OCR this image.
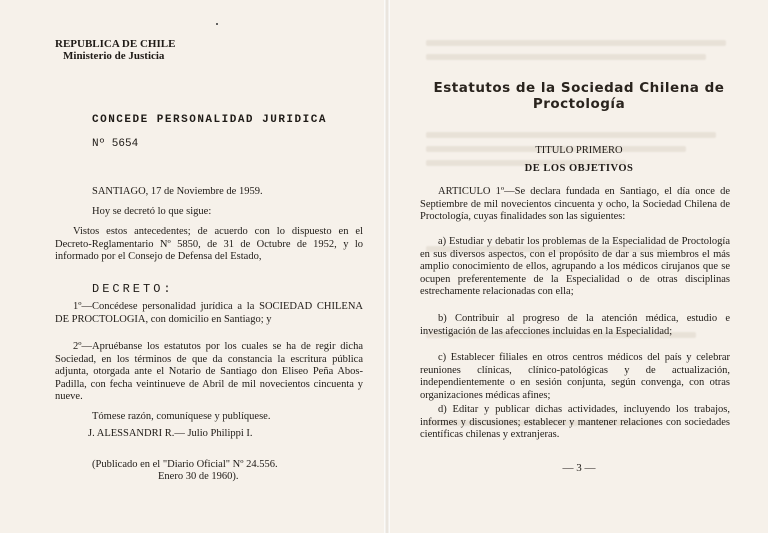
REPUBLICA DE CHILE

Ministerio de Justicia

CONCEDE PERSONALIDAD JURIDICA

Nº 5654

SANTIAGO, 17 de Noviembre de 1959.

Hoy se decretó lo que sigue:

Vistos estos antecedentes; de acuerdo con lo dispuesto en el Decreto-Reglamentario Nº 5850, de 31 de Octubre de 1952, y lo informado por el Consejo de Defensa del Estado,

DECRETO:

1º—Concédese personalidad jurídica a la SOCIEDAD CHILENA DE PROCTOLOGIA, con domicilio en Santiago; y

2º—Apruébanse los estatutos por los cuales se ha de regir dicha Sociedad, en los términos de que da constancia la escritura pública adjunta, otorgada ante el Notario de Santiago don Eliseo Peña Abos-Padilla, con fecha veintinueve de Abril de mil novecientos cincuenta y nueve.

Tómese razón, comuníquese y publíquese.

J. ALESSANDRI R.— Julio Philippi I.

(Publicado en el "Diario Oficial" Nº 24.556.

Enero 30 de 1960).

Estatutos de la Sociedad Chilena de
Proctología

TITULO PRIMERO

DE LOS OBJETIVOS

ARTICULO 1º—Se declara fundada en Santiago, el día once de Septiembre de mil novecientos cincuenta y ocho, la Sociedad Chilena de Proctología, cuyas finalidades son las siguientes:

a) Estudiar y debatir los problemas de la Especialidad de Proctología en sus diversos aspectos, con el propósito de dar a sus miembros el más amplio conocimiento de ellos, agrupando a los médicos cirujanos que se ocupen preferentemente de la Especialidad o de otras disciplinas estrechamente relacionadas con ella;

b) Contribuir al progreso de la atención médica, estudio e investigación de las afecciones incluidas en la Especialidad;

c) Establecer filiales en otros centros médicos del país y celebrar reuniones clínicas, clínico-patológicas y de actualización, independientemente o en sesión conjunta, según convenga, con otras organizaciones médicas afines;

d) Editar y publicar dichas actividades, incluyendo los trabajos, informes y discusiones; establecer y mantener relaciones con sociedades científicas chilenas y extranjeras.

— 3 —
